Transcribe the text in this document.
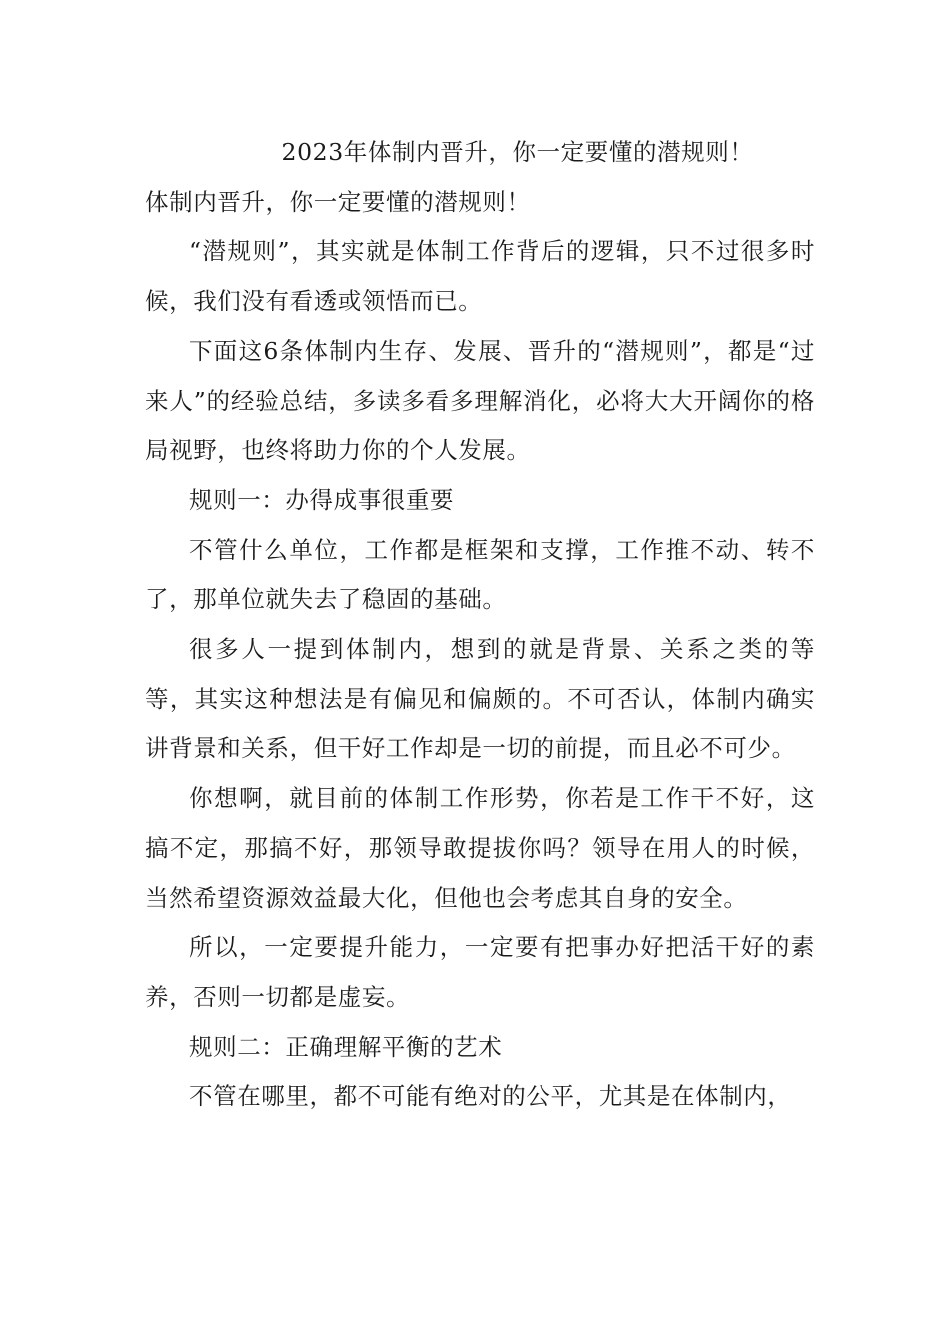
2023年体制内晋升，你一定要懂的潜规则！

体制内晋升，你一定要懂的潜规则！

“潜规则”，其实就是体制工作背后的逻辑，只不过很多时候，我们没有看透或领悟而已。

下面这6条体制内生存、发展、晋升的“潜规则”，都是“过来人”的经验总结，多读多看多理解消化，必将大大开阔你的格局视野，也终将助力你的个人发展。

规则一：办得成事很重要

不管什么单位，工作都是框架和支撑，工作推不动、转不了，那单位就失去了稳固的基础。

很多人一提到体制内，想到的就是背景、关系之类的等等，其实这种想法是有偏见和偏颇的。不可否认，体制内确实讲背景和关系，但干好工作却是一切的前提，而且必不可少。

你想啊，就目前的体制工作形势，你若是工作干不好，这搞不定，那搞不好，那领导敢提拔你吗？领导在用人的时候，当然希望资源效益最大化，但他也会考虑其自身的安全。

所以，一定要提升能力，一定要有把事办好把活干好的素养，否则一切都是虚妄。

规则二：正确理解平衡的艺术

不管在哪里，都不可能有绝对的公平，尤其是在体制内，
